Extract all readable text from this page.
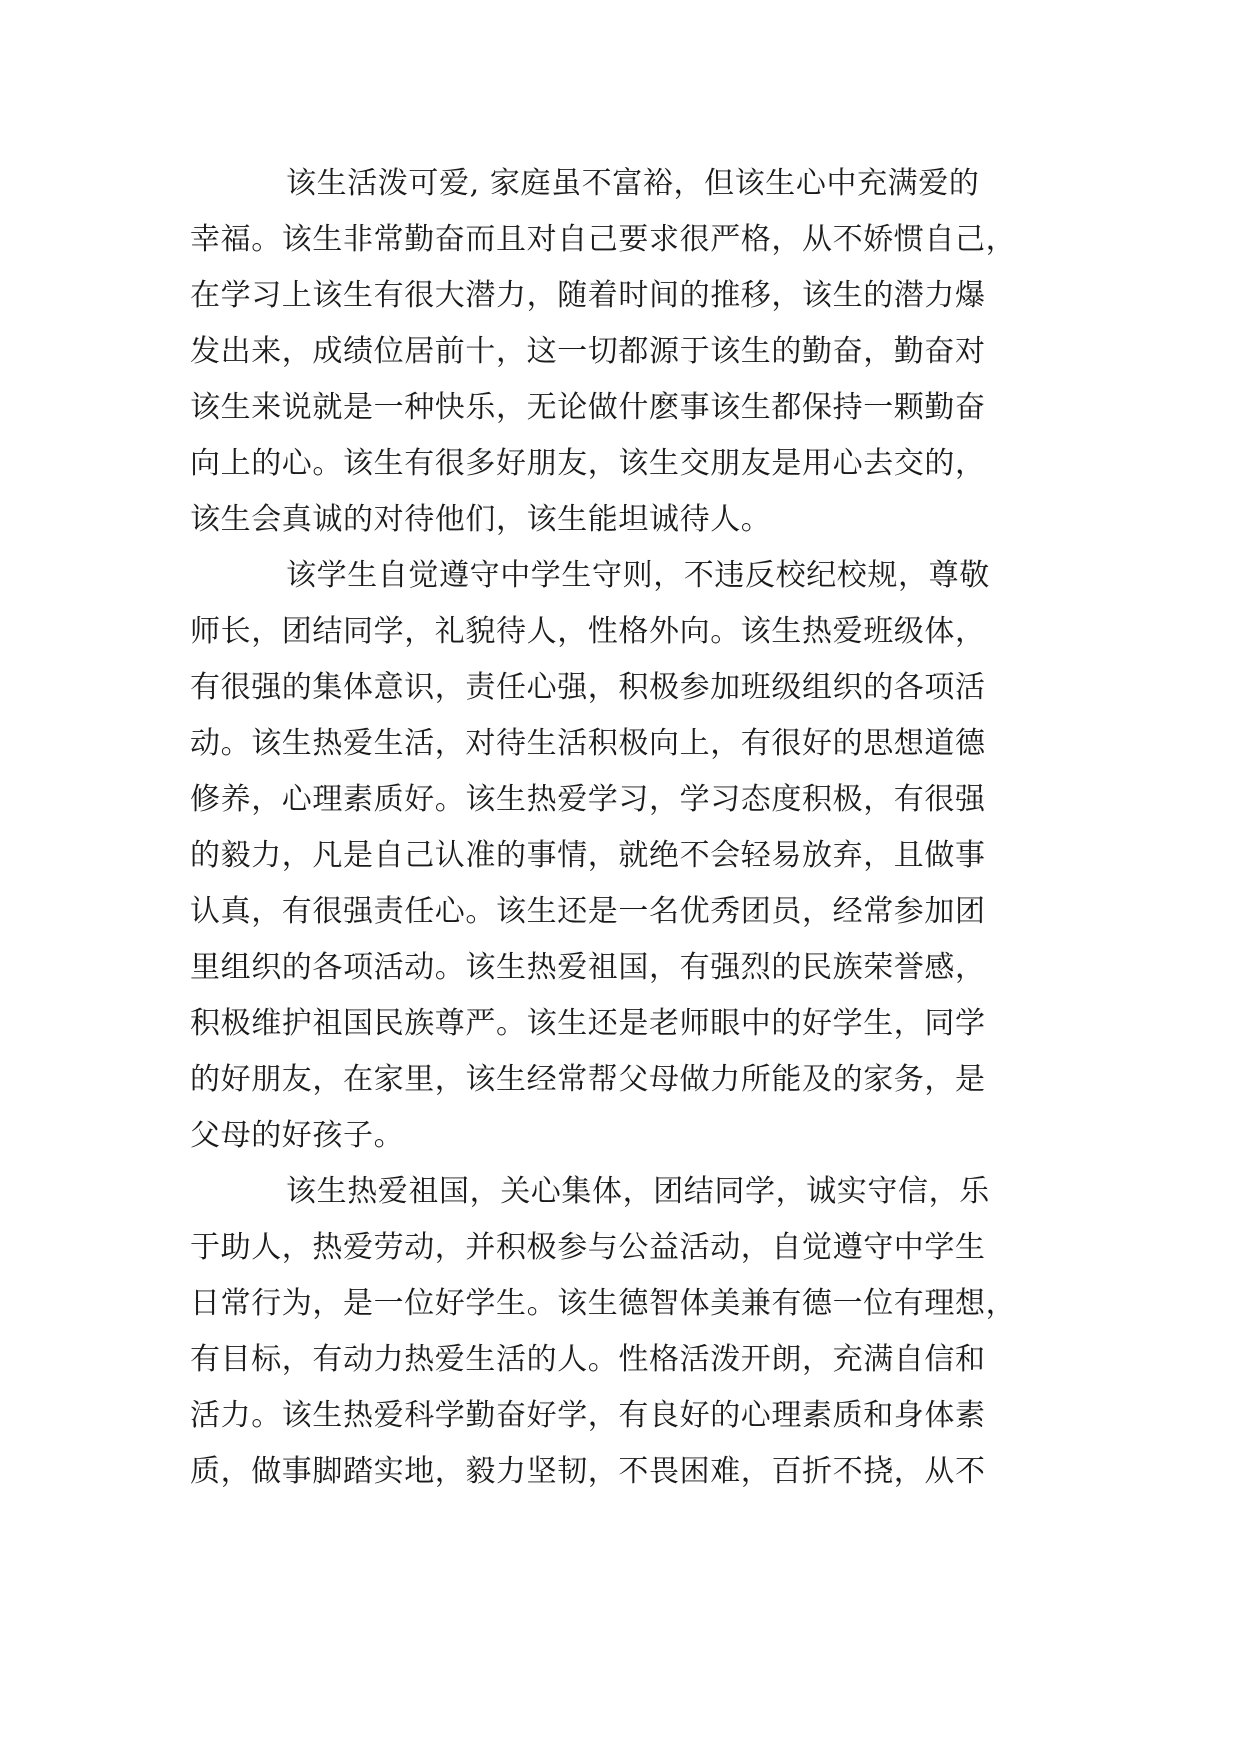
该生活泼可爱, 家庭虽不富裕，但该生心中充满爱的
幸福。该生非常勤奋而且对自己要求很严格，从不娇惯自己，
在学习上该生有很大潜力，随着时间的推移，该生的潜力爆
发出来，成绩位居前十，这一切都源于该生的勤奋，勤奋对
该生来说就是一种快乐，无论做什麽事该生都保持一颗勤奋
向上的心。该生有很多好朋友，该生交朋友是用心去交的，
该生会真诚的对待他们，该生能坦诚待人。
该学生自觉遵守中学生守则，不违反校纪校规，尊敬
师长，团结同学，礼貌待人，性格外向。该生热爱班级体，
有很强的集体意识，责任心强，积极参加班级组织的各项活
动。该生热爱生活，对待生活积极向上，有很好的思想道德
修养，心理素质好。该生热爱学习，学习态度积极，有很强
的毅力，凡是自己认准的事情，就绝不会轻易放弃，且做事
认真，有很强责任心。该生还是一名优秀团员，经常参加团
里组织的各项活动。该生热爱祖国，有强烈的民族荣誉感，
积极维护祖国民族尊严。该生还是老师眼中的好学生，同学
的好朋友，在家里，该生经常帮父母做力所能及的家务，是
父母的好孩子。
该生热爱祖国，关心集体，团结同学，诚实守信，乐
于助人，热爱劳动，并积极参与公益活动，自觉遵守中学生
日常行为，是一位好学生。该生德智体美兼有德一位有理想，
有目标，有动力热爱生活的人。性格活泼开朗，充满自信和
活力。该生热爱科学勤奋好学，有良好的心理素质和身体素
质，做事脚踏实地，毅力坚韧，不畏困难，百折不挠，从不
